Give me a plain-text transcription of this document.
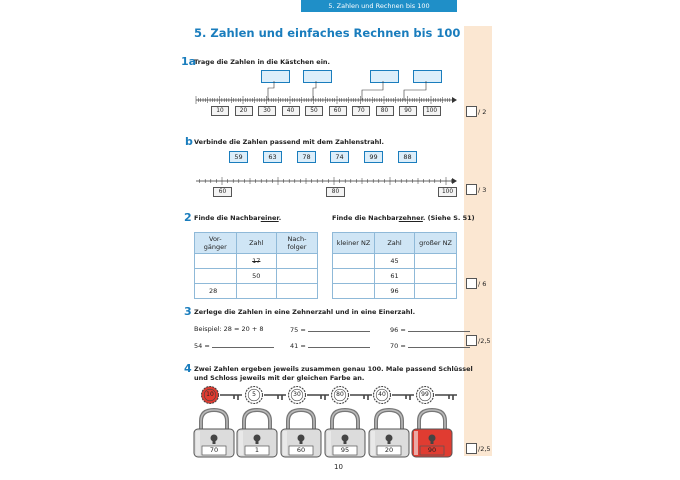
5. Zahlen und Rechnen bis 100
5. Zahlen und einfaches Rechnen bis 100
1a
Trage die Zahlen in die Kästchen ein.
10	20	30	40	50	60	70	80	90	100	/ 2
b Verbinde die Zahlen passend mit dem Zahlenstrahl.
59	63	78	74	99	88
60	80	100	/ 3
2 Finde die Nachbareiner.	Finde die Nachbarzehner. (Siehe S. 51)
Vor-
gänger	Zahl	Nach-
folger
	17	
	50	
28		
kleiner NZ	Zahl	großer NZ
	45	
	61	
	96	
/ 6
3 Zerlege die Zahlen in eine Zehnerzahl und in eine Einerzahl.
Beispiel: 28 = 20 + 8	75 =	96 =
54 =	41 =	70 =
/2,5
4 Zwei Zahlen ergeben jeweils zusammen genau 100. Male passend Schlüssel
und Schloss jeweils mit der gleichen Farbe an.
10	5	30	80	40	99
70	1	60	95	20	90	/2,5
10
